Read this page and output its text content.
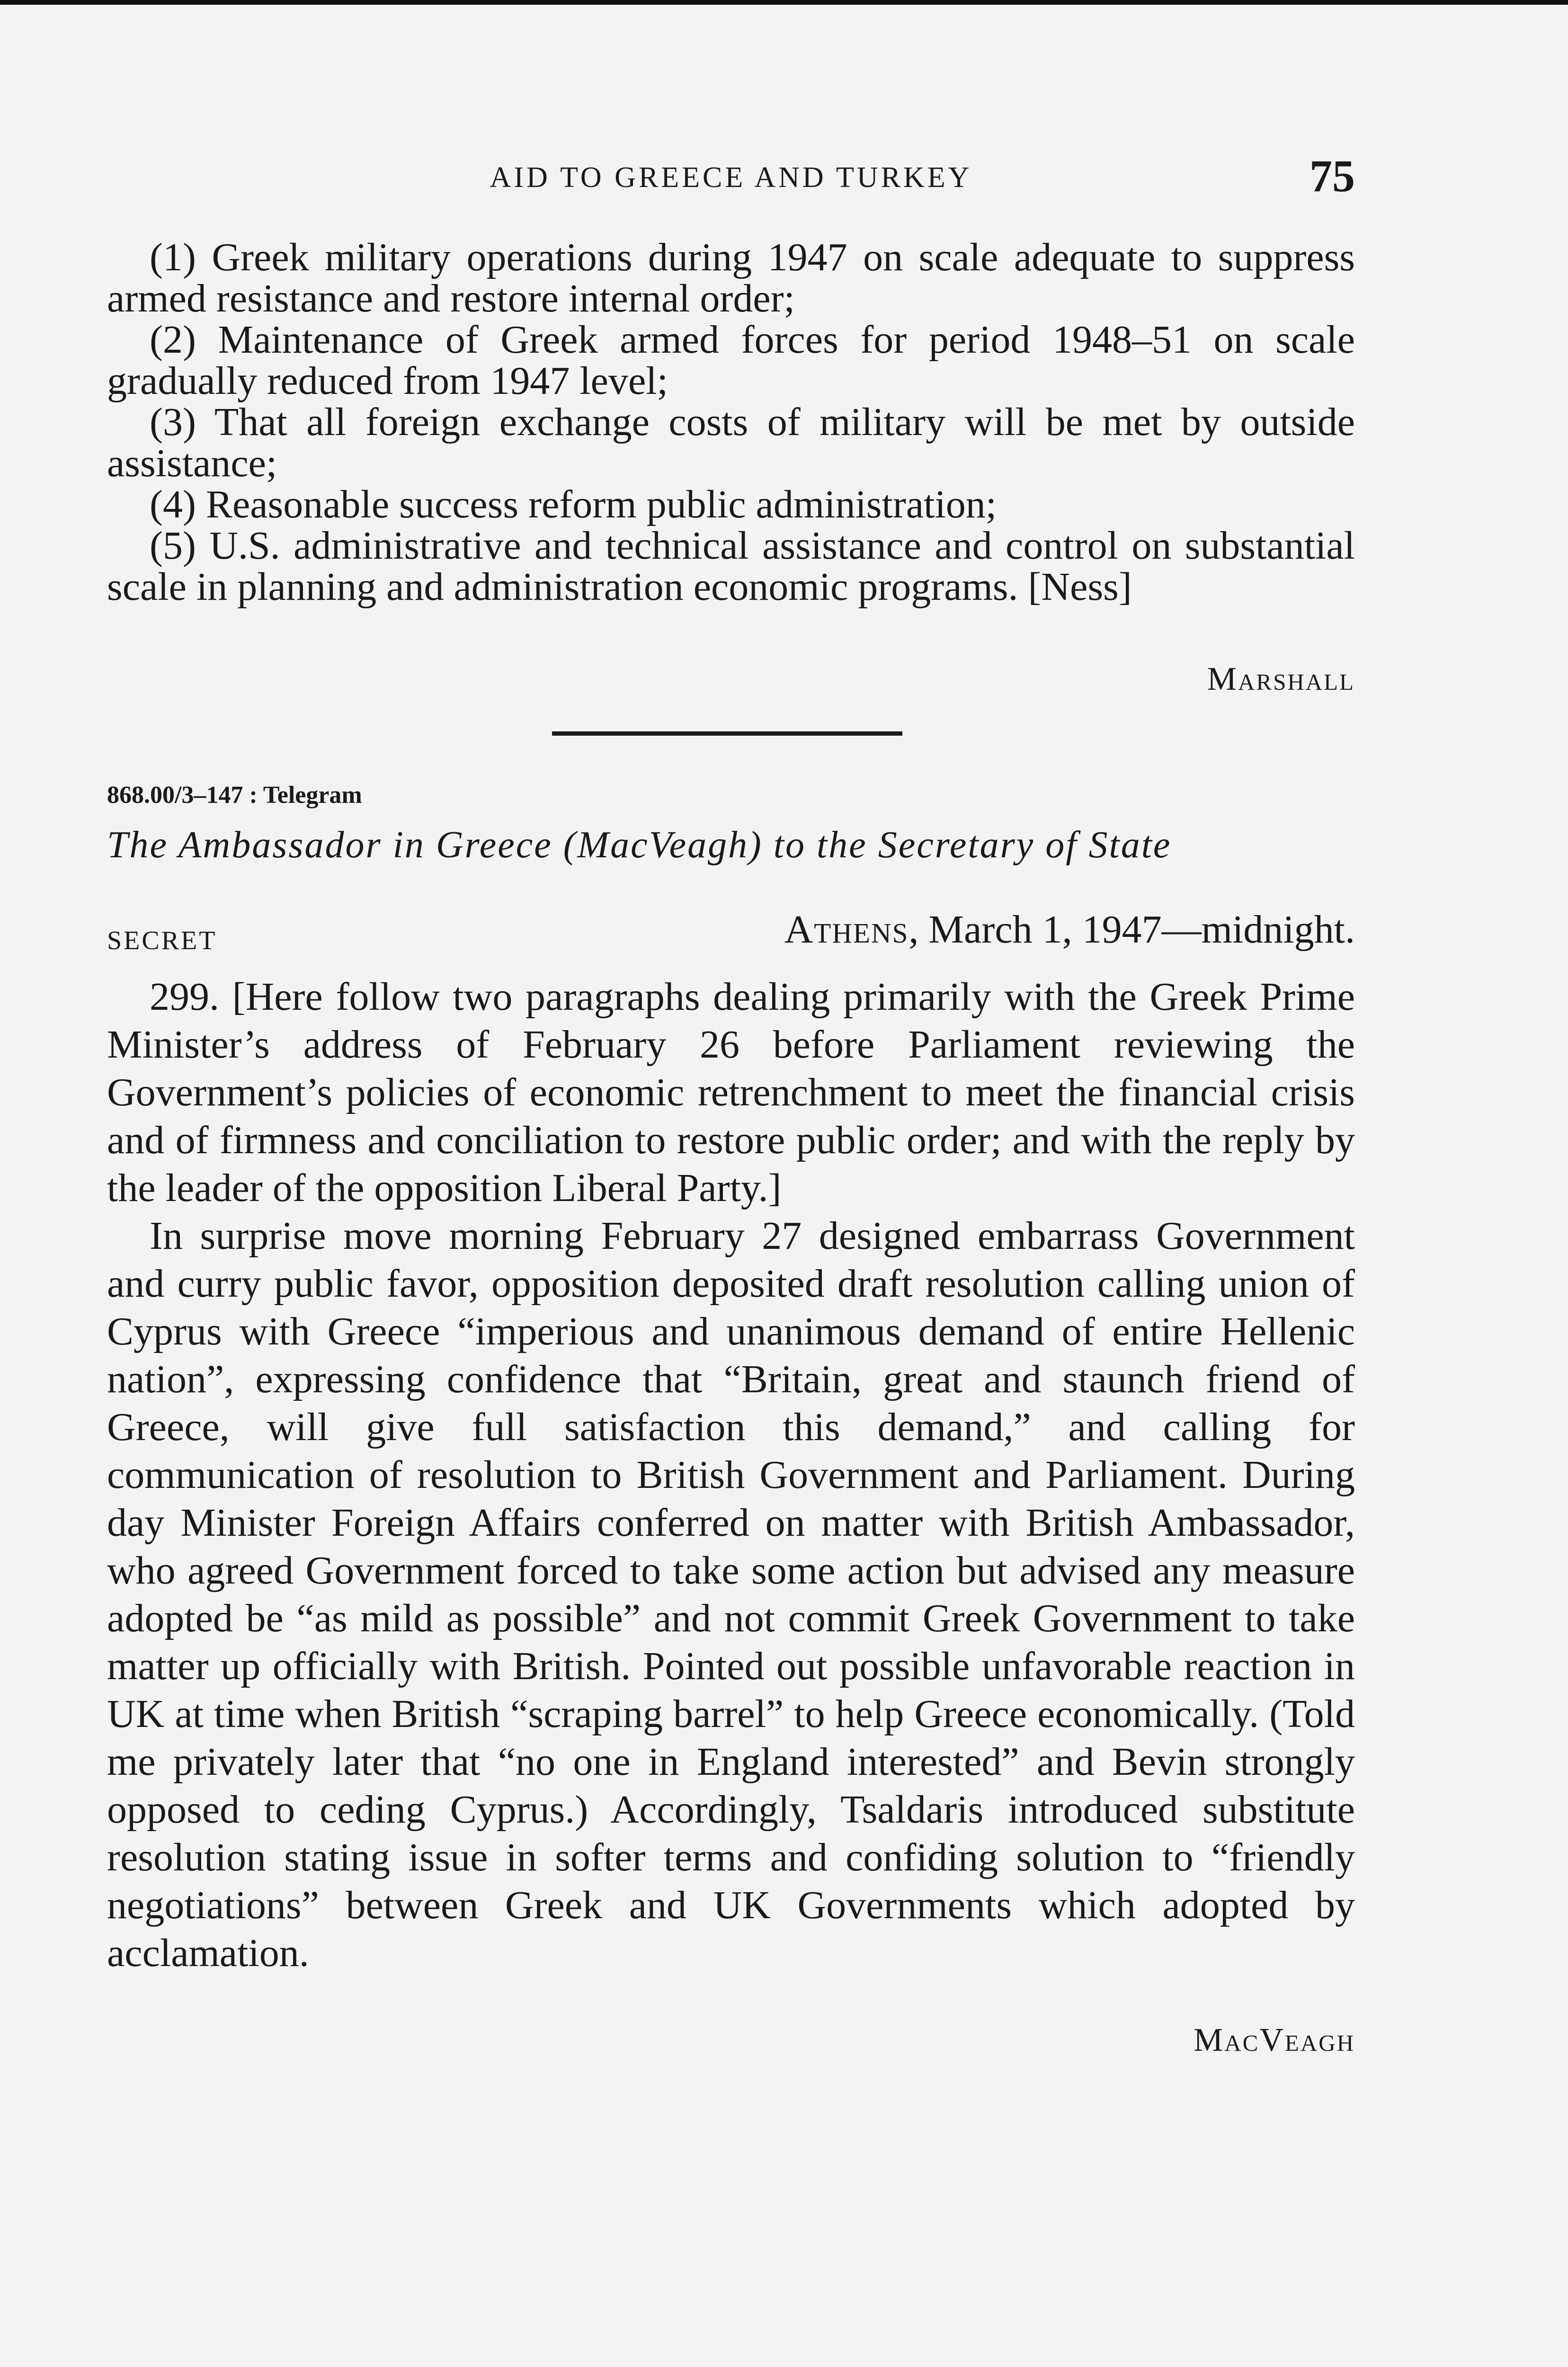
AID TO GREECE AND TURKEY	75

(1) Greek military operations during 1947 on scale adequate to suppress armed resistance and restore internal order;

(2) Maintenance of Greek armed forces for period 1948–51 on scale gradually reduced from 1947 level;

(3) That all foreign exchange costs of military will be met by outside assistance;

(4) Reasonable success reform public administration;

(5) U.S. administrative and technical assistance and control on substantial scale in planning and administration economic programs. [Ness]

Marshall
868.00/3–147 : Telegram
The Ambassador in Greece (MacVeagh) to the Secretary of State
SECRET	Athens, March 1, 1947—midnight.

299. [Here follow two paragraphs dealing primarily with the Greek Prime Minister’s address of February 26 before Parliament reviewing the Government’s policies of economic retrenchment to meet the financial crisis and of firmness and conciliation to restore public order; and with the reply by the leader of the opposition Liberal Party.]

In surprise move morning February 27 designed embarrass Government and curry public favor, opposition deposited draft resolution calling union of Cyprus with Greece “imperious and unanimous demand of entire Hellenic nation”, expressing confidence that “Britain, great and staunch friend of Greece, will give full satisfaction this demand,” and calling for communication of resolution to British Government and Parliament. During day Minister Foreign Affairs conferred on matter with British Ambassador, who agreed Government forced to take some action but advised any measure adopted be “as mild as possible” and not commit Greek Government to take matter up officially with British. Pointed out possible unfavorable reaction in UK at time when British “scraping barrel” to help Greece economically. (Told me privately later that “no one in England interested” and Bevin strongly opposed to ceding Cyprus.) Accordingly, Tsaldaris introduced substitute resolution stating issue in softer terms and confiding solution to “friendly negotiations” between Greek and UK Governments which adopted by acclamation.

MacVeagh
